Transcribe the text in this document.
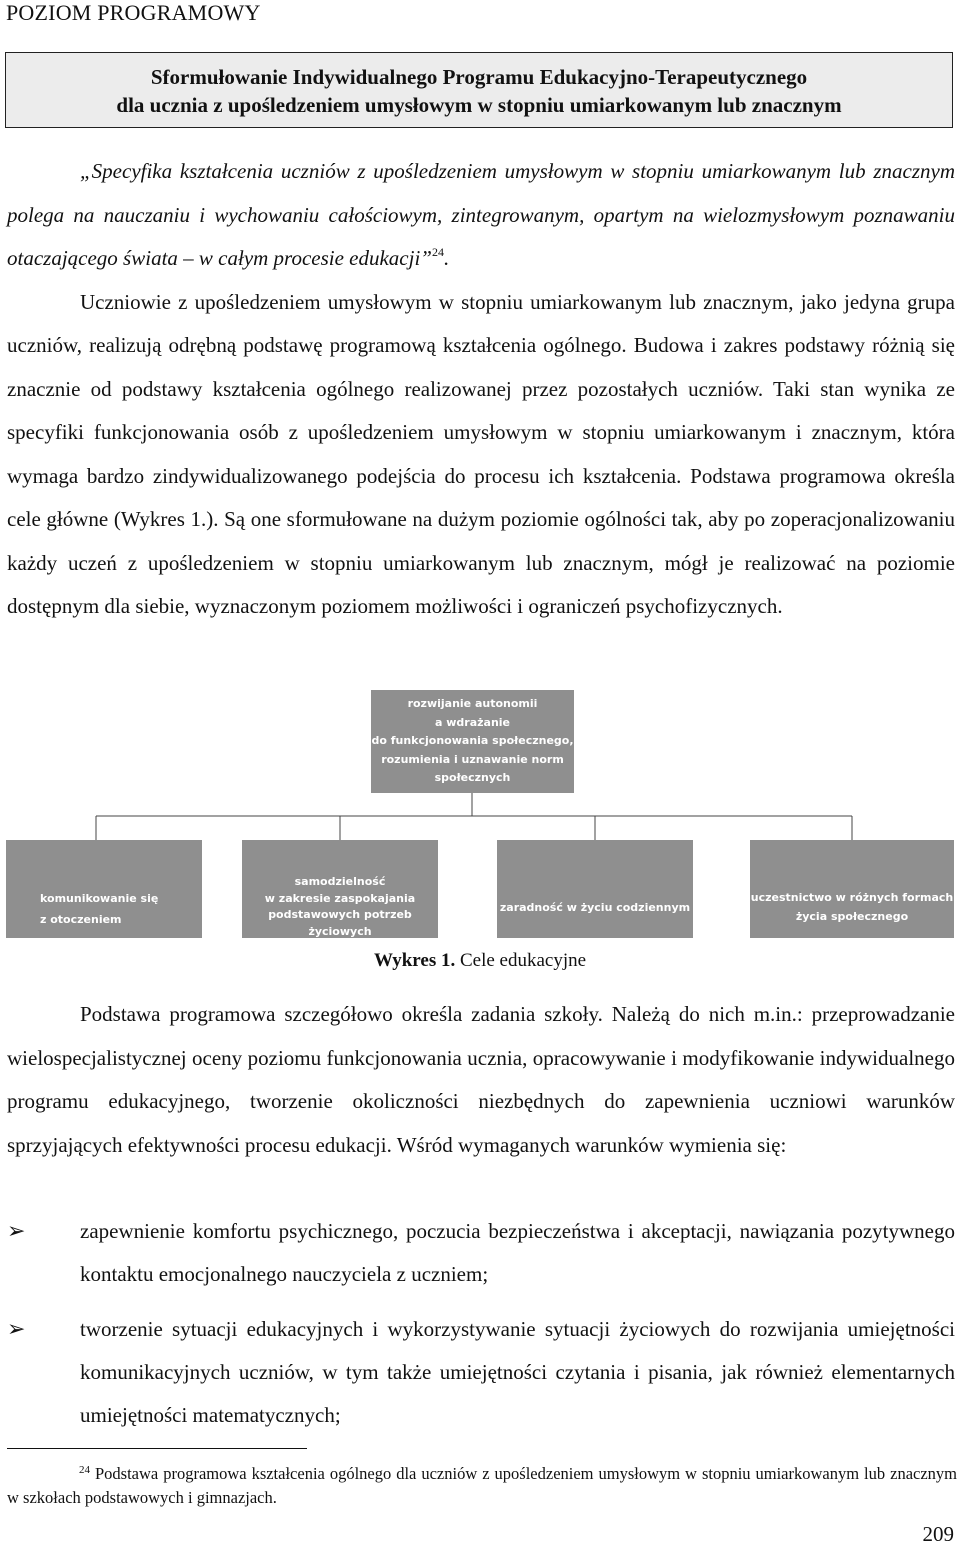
POZIOM PROGRAMOWY
Sformułowanie Indywidualnego Programu Edukacyjno-Terapeutycznego
dla ucznia z upośledzeniem umysłowym w stopniu umiarkowanym lub znacznym
„Specyfika kształcenia uczniów z upośledzeniem umysłowym w stopniu umiarkowanym lub znacznym polega na nauczaniu i wychowaniu całościowym, zintegrowanym, opartym na wielozmysłowym poznawaniu otaczającego świata – w całym procesie edukacji”$^{24}$.
Uczniowie z upośledzeniem umysłowym w stopniu umiarkowanym lub znacznym, jako jedyna grupa uczniów, realizują odrębną podstawę programową kształcenia ogólnego. Budowa i zakres podstawy różnią się znacznie od podstawy kształcenia ogólnego realizowanej przez pozostałych uczniów. Taki stan wynika ze specyfiki funkcjonowania osób z upośledzeniem umysłowym w stopniu umiarkowanym i znacznym, która wymaga bardzo zindywidualizowanego podejścia do procesu ich kształcenia. Podstawa programowa określa cele główne (Wykres 1.). Są one sformułowane na dużym poziomie ogólności tak, aby po zoperacjonalizowaniu każdy uczeń z upośledzeniem w stopniu umiarkowanym lub znacznym, mógł je realizować na poziomie dostępnym dla siebie, wyznaczonym poziomem możliwości i ograniczeń psychofizycznych.
rozwijanie autonomii
a wdrażanie
do funkcjonowania społecznego,
rozumienia i uznawanie norm
społecznych
komunikowanie się
z otoczeniem
samodzielność
w zakresie zaspokajania
podstawowych potrzeb życiowych
zaradność w życiu codziennym
uczestnictwo w różnych formach
życia społecznego
Wykres 1. Cele edukacyjne
Podstawa programowa szczegółowo określa zadania szkoły. Należą do nich m.in.: przeprowadzanie wielospecjalistycznej oceny poziomu funkcjonowania ucznia, opracowywanie i modyfikowanie indywidualnego programu edukacyjnego, tworzenie okoliczności niezbędnych do zapewnienia uczniowi warunków sprzyjających efektywności procesu edukacji. Wśród wymaganych warunków wymienia się:
➢	zapewnienie komfortu psychicznego, poczucia bezpieczeństwa i akceptacji, nawiązania pozytywnego kontaktu emocjonalnego nauczyciela z uczniem;
➢	tworzenie sytuacji edukacyjnych i wykorzystywanie sytuacji życiowych do rozwijania umiejętności komunikacyjnych uczniów, w tym także umiejętności czytania i pisania, jak również elementarnych umiejętności matematycznych;
$^{24}$ Podstawa programowa kształcenia ogólnego dla uczniów z upośledzeniem umysłowym w stopniu umiarkowanym lub znacznym w szkołach podstawowych i gimnazjach.
209
